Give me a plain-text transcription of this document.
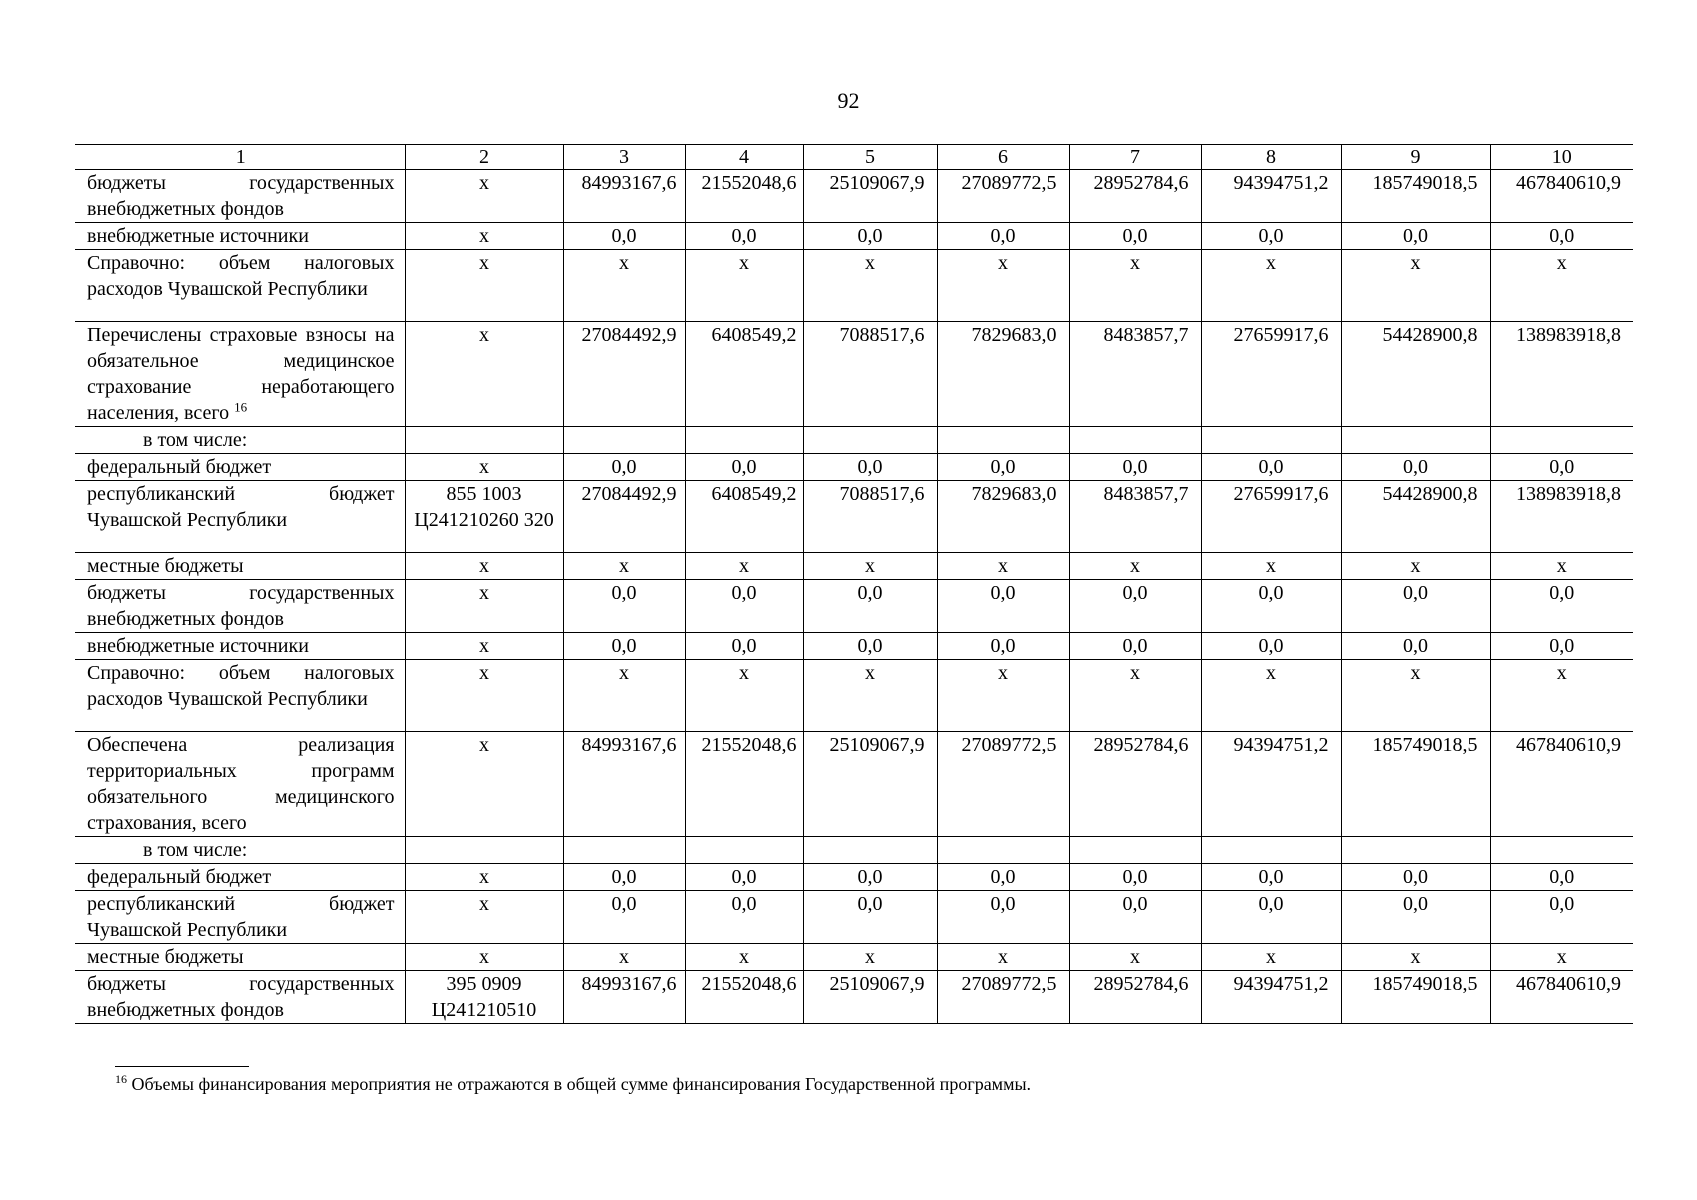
92
1	2	3	4	5	6	7	8	9	10
бюджеты государственных внебюджетных фондов	x	84993167,6	21552048,6	25109067,9	27089772,5	28952784,6	94394751,2	185749018,5	467840610,9
внебюджетные источники	x	0,0	0,0	0,0	0,0	0,0	0,0	0,0	0,0
Справочно: объем налоговых расходов Чувашской Республики	x	x	x	x	x	x	x	x	x
Перечислены страховые взносы на обязательное медицинское страхование неработающего населения, всего $^{16}$	x	27084492,9	6408549,2	7088517,6	7829683,0	8483857,7	27659917,6	54428900,8	138983918,8
в том числе:									
федеральный бюджет	x	0,0	0,0	0,0	0,0	0,0	0,0	0,0	0,0
республиканский бюджет Чувашской Республики	855 1003 Ц241210260 320	27084492,9	6408549,2	7088517,6	7829683,0	8483857,7	27659917,6	54428900,8	138983918,8
местные бюджеты	x	x	x	x	x	x	x	x	x
бюджеты государственных внебюджетных фондов	x	0,0	0,0	0,0	0,0	0,0	0,0	0,0	0,0
внебюджетные источники	x	0,0	0,0	0,0	0,0	0,0	0,0	0,0	0,0
Справочно: объем налоговых расходов Чувашской Республики	x	x	x	x	x	x	x	x	x
Обеспечена реализация территориальных программ обязательного медицинского страхования, всего	x	84993167,6	21552048,6	25109067,9	27089772,5	28952784,6	94394751,2	185749018,5	467840610,9
в том числе:									
федеральный бюджет	x	0,0	0,0	0,0	0,0	0,0	0,0	0,0	0,0
республиканский бюджет Чувашской Республики	x	0,0	0,0	0,0	0,0	0,0	0,0	0,0	0,0
местные бюджеты	x	x	x	x	x	x	x	x	x
бюджеты государственных внебюджетных фондов	395 0909 Ц241210510	84993167,6	21552048,6	25109067,9	27089772,5	28952784,6	94394751,2	185749018,5	467840610,9
$^{16}$ Объемы финансирования мероприятия не отражаются в общей сумме финансирования Государственной программы.
